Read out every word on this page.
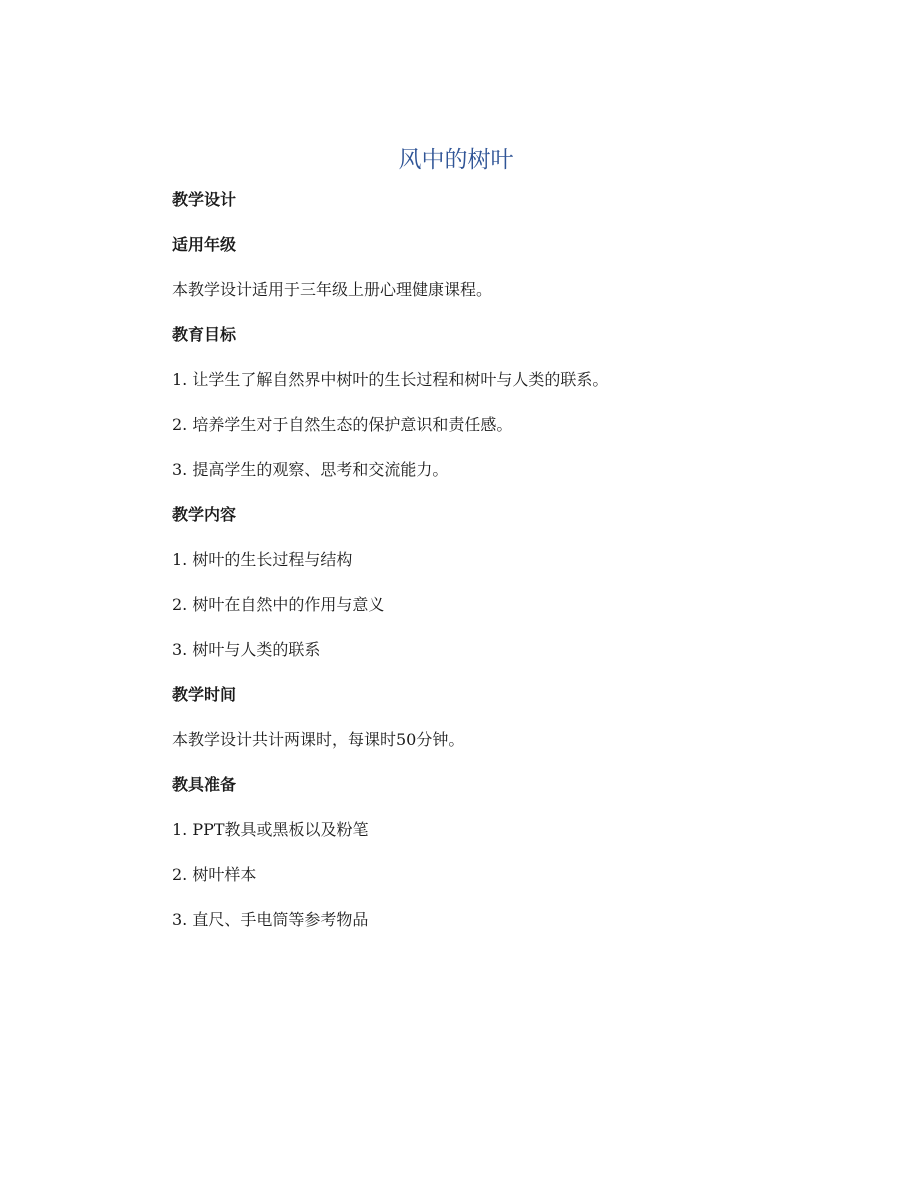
风中的树叶

教学设计

适用年级

本教学设计适用于三年级上册心理健康课程。

教育目标

1. 让学生了解自然界中树叶的生长过程和树叶与人类的联系。

2. 培养学生对于自然生态的保护意识和责任感。

3. 提高学生的观察、思考和交流能力。

教学内容

1. 树叶的生长过程与结构

2. 树叶在自然中的作用与意义

3. 树叶与人类的联系

教学时间

本教学设计共计两课时，每课时50分钟。

教具准备

1. PPT教具或黑板以及粉笔

2. 树叶样本

3. 直尺、手电筒等参考物品
